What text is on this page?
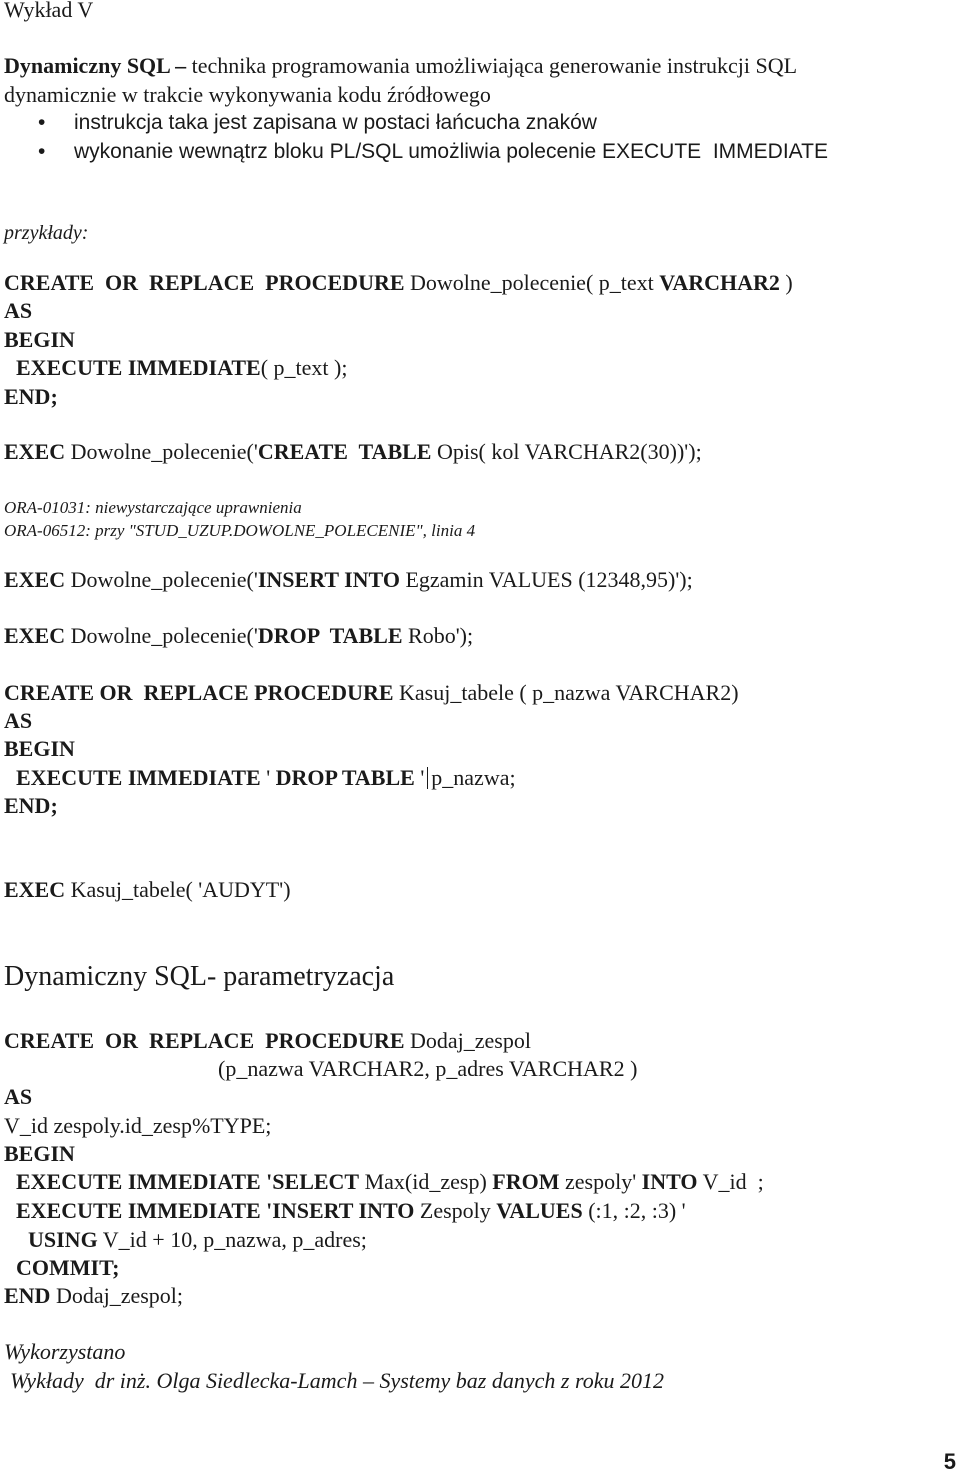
Wykład V
Dynamiczny SQL – technika programowania umożliwiająca generowanie instrukcji SQL
dynamicznie w trakcie wykonywania kodu źródłowego
• instrukcja taka jest zapisana w postaci łańcucha znaków
• wykonanie wewnątrz bloku PL/SQL umożliwia polecenie EXECUTE  IMMEDIATE
przykłady:
CREATE  OR  REPLACE  PROCEDURE Dowolne_polecenie( p_text VARCHAR2 )
AS
BEGIN
EXECUTE IMMEDIATE( p_text );
END;
EXEC Dowolne_polecenie('CREATE  TABLE Opis( kol VARCHAR2(30))');
ORA-01031: niewystarczające uprawnienia
ORA-06512: przy "STUD_UZUP.DOWOLNE_POLECENIE", linia 4
EXEC Dowolne_polecenie('INSERT INTO Egzamin VALUES (12348,95)');
EXEC Dowolne_polecenie('DROP  TABLE Robo');
CREATE OR  REPLACE PROCEDURE Kasuj_tabele ( p_nazwa VARCHAR2)
AS
BEGIN
EXECUTE IMMEDIATE ' DROP TABLE ' p_nazwa;
END;
EXEC Kasuj_tabele( 'AUDYT')
Dynamiczny SQL- parametryzacja
CREATE  OR  REPLACE  PROCEDURE Dodaj_zespol
(p_nazwa VARCHAR2, p_adres VARCHAR2 )
AS
V_id zespoly.id_zesp%TYPE;
BEGIN
EXECUTE IMMEDIATE 'SELECT Max(id_zesp) FROM zespoly' INTO V_id  ;
EXECUTE IMMEDIATE 'INSERT INTO Zespoly VALUES (:1, :2, :3) '
USING V_id + 10, p_nazwa, p_adres;
COMMIT;
END Dodaj_zespol;
Wykorzystano
Wykłady  dr inż. Olga Siedlecka-Lamch – Systemy baz danych z roku 2012
5
